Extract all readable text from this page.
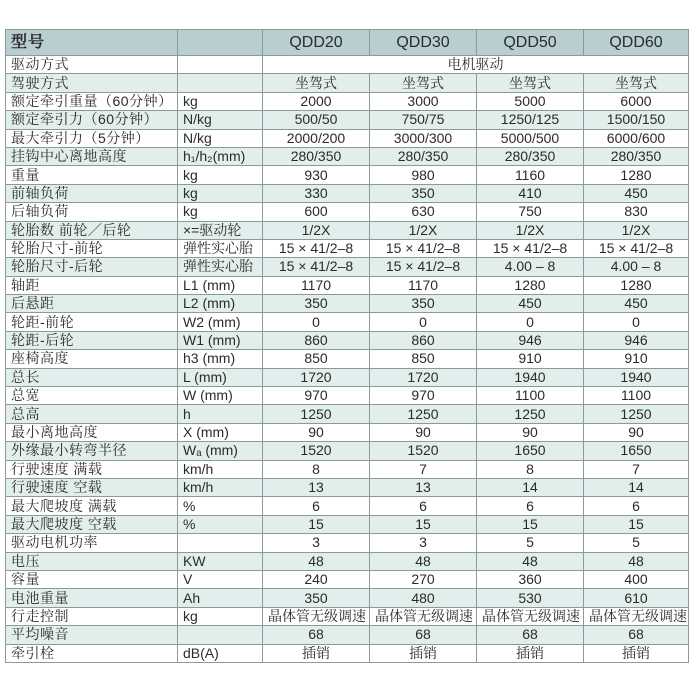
型号		QDD20	QDD30	QDD50	QDD60
驱动方式		电机驱动			
驾驶方式		坐驾式	坐驾式	坐驾式	坐驾式
额定牵引重量（60分钟）	kg	2000	3000	5000	6000
额定牵引力（60分钟）	N/kg	500/50	750/75	1250/125	1500/150
最大牵引力（5分钟）	N/kg	2000/200	3000/300	5000/500	6000/600
挂钩中心离地高度	h₁/h₂(mm)	280/350	280/350	280/350	280/350
重量	kg	930	980	1160	1280
前轴负荷	kg	330	350	410	450
后轴负荷	kg	600	630	750	830
轮胎数 前轮／后轮	×=驱动轮	1/2X	1/2X	1/2X	1/2X
轮胎尺寸-前轮	弹性实心胎	15 × 41/2–8	15 × 41/2–8	15 × 41/2–8	15 × 41/2–8
轮胎尺寸-后轮	弹性实心胎	15 × 41/2–8	15 × 41/2–8	4.00 – 8	4.00 – 8
轴距	L1 (mm)	1170	1170	1280	1280
后悬距	L2 (mm)	350	350	450	450
轮距-前轮	W2 (mm)	0	0	0	0
轮距-后轮	W1 (mm)	860	860	946	946
座椅高度	h3 (mm)	850	850	910	910
总长	L (mm)	1720	1720	1940	1940
总宽	W (mm)	970	970	1100	1100
总高	h	1250	1250	1250	1250
最小离地高度	X (mm)	90	90	90	90
外缘最小转弯半径	Wₐ (mm)	1520	1520	1650	1650
行驶速度 满载	km/h	8	7	8	7
行驶速度 空载	km/h	13	13	14	14
最大爬坡度 满载	%	6	6	6	6
最大爬坡度 空载	%	15	15	15	15
驱动电机功率		3	3	5	5
电压	KW	48	48	48	48
容量	V	240	270	360	400
电池重量	Ah	350	480	530	610
行走控制	kg	晶体管无级调速	晶体管无级调速	晶体管无级调速	晶体管无级调速
平均噪音		68	68	68	68
牵引栓	dB(A)	插销	插销	插销	插销
